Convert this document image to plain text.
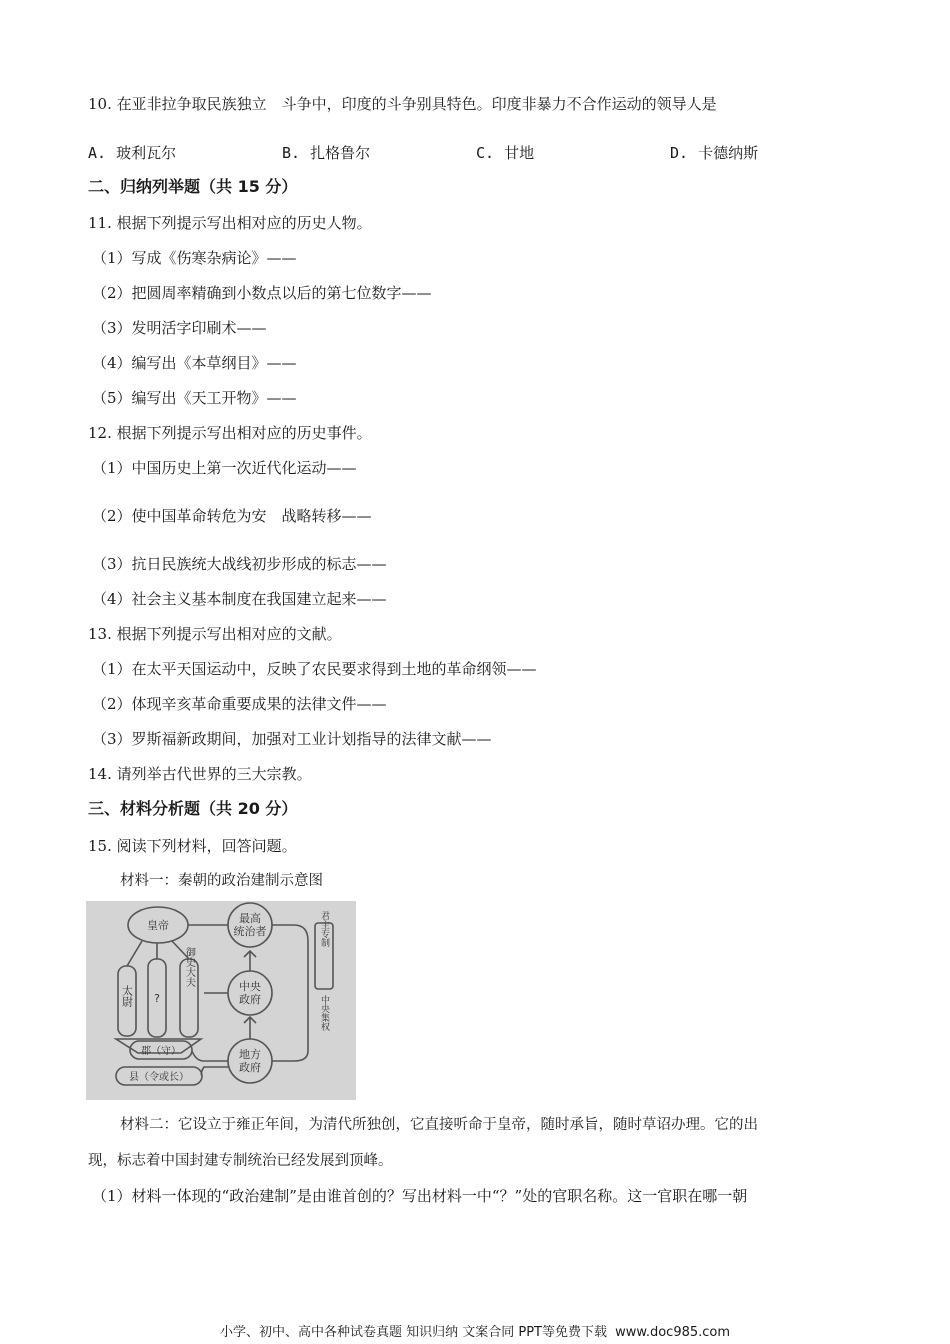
10. 在亚非拉争取民族独立　斗争中，印度的斗争别具特色。印度非暴力不合作运动的领导人是
A. 玻利瓦尔	B. 扎格鲁尔	C. 甘地	D. 卡德纳斯
二、归纳列举题（共 15 分）
11. 根据下列提示写出相对应的历史人物。
（1）写成《伤寒杂病论》——
（2）把圆周率精确到小数点以后的第七位数字——
（3）发明活字印刷术——
（4）编写出《本草纲目》——
（5）编写出《天工开物》——
12. 根据下列提示写出相对应的历史事件。
（1）中国历史上第一次近代化运动——
（2）使中国革命转危为安　战略转移——
（3）抗日民族统大战线初步形成的标志——
（4）社会主义基本制度在我国建立起来——
13. 根据下列提示写出相对应的文献。
（1）在太平天国运动中，反映了农民要求得到土地的革命纲领——
（2）体现辛亥革命重要成果的法律文件——
（3）罗斯福新政期间，加强对工业计划指导的法律文献——
14. 请列举古代世界的三大宗教。
三、材料分析题（共 20 分）
15. 阅读下列材料，回答问题。
材料一：秦朝的政治建制示意图
皇帝
最高
统治者
中央
政府
地方
政府
太尉 ?
御史大夫
郡（守）
县（令或长）
君主专制
中央集权
材料二：它设立于雍正年间，为清代所独创，它直接听命于皇帝，随时承旨，随时草诏办理。它的出
现，标志着中国封建专制统治已经发展到顶峰。
（1）材料一体现的“政治建制”是由谁首创的？写出材料一中“？”处的官职名称。这一官职在哪一朝
小学、初中、高中各种试卷真题 知识归纳 文案合同 PPT等免费下载 www.doc985.com
